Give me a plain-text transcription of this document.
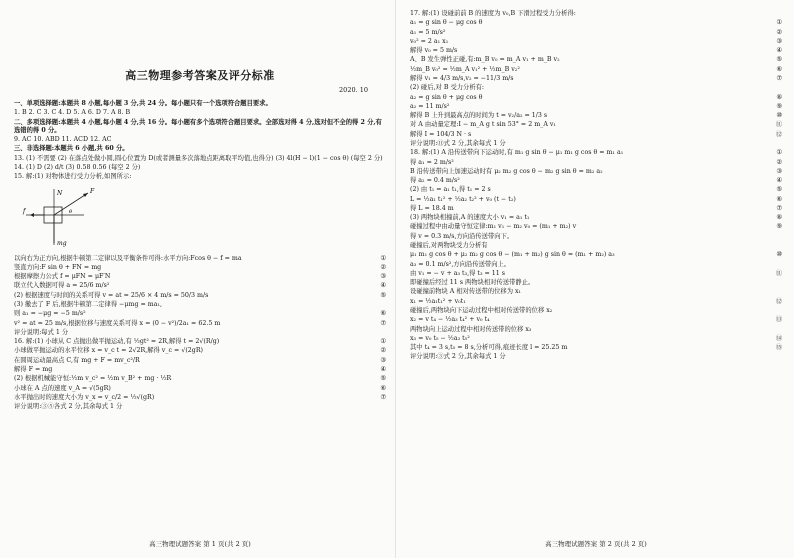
高三物理参考答案及评分标准
2020. 10
一、单项选择题:本题共 8 小题,每小题 3 分,共 24 分。每小题只有一个选项符合题目要求。
1. B 2. C 3. C 4. D 5. A 6. D 7. A 8. B
二、多项选择题:本题共 4 小题,每小题 4 分,共 16 分。每小题有多个选项符合题目要求。全部选对得 4 分,选对但不全的得 2 分,有选错的得 0 分。
9. AC 10. ABD 11. ACD 12. AC
三、非选择题:本题共 6 小题,共 60 分。
13. (1) 不需要 (2) 在落点处做小圆,圆心位置为 D(或者测量多次落地点距离取平均值,也得分) (3) 4l(H − l)(1 − cos θ) (每空 2 分)
14. (1) D (2) d/t (3) 0.58 0.56 (每空 2 分)
15. 解:(1) 对物体进行受力分析,如图所示:
f
mg
N	F
θ
以向右为正方向,根据牛顿第二定律以及平衡条件可得:水平方向:Fcos θ − f = ma	①
竖直方向:F sin θ + FN = mg	②
根据摩擦力公式 f = μFN = μF′N	③
联立代入数据可得 a = 25/6 m/s²	④
(2) 根据速度与时间的关系可得 v = at = 25/6 × 4 m/s = 50/3 m/s	⑤
(3) 撤去了 F 后,根据牛顿第二定律得 −μmg = ma₁,
则 a₁ = −μg = −5 m/s²	⑥
v² = at = 25 m/s,根据位移与速度关系可得 x = (0 − v²)/2a₁ = 62.5 m	⑦
评分说明:每式 1 分
16. 解:(1) 小球从 C 点抛出做平抛运动,有 ½gt² = 2R,解得 t = 2√(R/g)	①
小球做平抛运动的水平位移 x = v_c t = 2√2R,解得 v_c = √(2gR)	②
在圆周运动最高点 C,有 mg + F = mv_c²/R	③
解得 F = mg	④
(2) 根据机械能守恒:½m v_c² = ½m v_B² + mg · ½R	⑤
小球在 A 点的速度 v_A = √(5gR)	⑥
水平抛出时的速度大小为 v_x = v_c/2 = ½√(gR)	⑦
评分说明:③⑤各式 2 分,其余每式 1 分
高三物理试题答案 第 1 页(共 2 页)
17. 解:(1) 设碰前前 B 的速度为 v₀,B 下滑过程受力分析得:
a₁ = g sin θ − μg cos θ	①
a₁ = 5 m/s²	②
v₀² = 2 a₁ x₁	③
解得 v₀ = 5 m/s	④
A、B 发生弹性正碰,有:m_B v₀ = m_A v₁ + m_B v₂	⑤
½m_B v₀² = ½m_A v₁² + ½m_B v₂²	⑥
解得 v₁ = 4/3 m/s,v₂ = −11/3 m/s	⑦
(2) 碰后,对 B 受力分析有:
a₂ = g sin θ + μg cos θ	⑧
a₂ = 11 m/s²	⑨
解得 B 上升到最高点的时间为 t = v₂/a₂ = 1/3 s	⑩
对 A 由动量定理:I − m_A g t sin 53° = 2 m_A v₁	⑪
解得 I = 104/3 N · s	⑫
评分说明:⑪式 2 分,其余每式 1 分
18. 解:(1) A 沿传送带向下运动时,有 m₁ g sin θ − μ₁ m₁ g cos θ = m₁ a₁	①
得 a₁ = 2 m/s²	②
B 沿传送带向上加速运动时有 μ₂ m₂ g cos θ − m₂ g sin θ = m₂ a₂	③
得 a₂ = 0.4 m/s²	④
(2) 由 t₁ = a₁ t₁,得 t₁ = 2 s	⑤
L = ½a₁ t₁² + ½a₂ t₂² + v₀ (t − t₂)	⑥
得 L = 18.4 m	⑦
(3) 两物块相撞前,A 的速度大小 v₁ = a₁ t₁	⑧
碰撞过程中由动量守恒定律:m₁ v₁ − m₂ v₀ = (m₁ + m₂) v	⑨
得 v = 0.3 m/s,方向沿传送带向下。
碰撞后,对两物块受力分析有
μ₁ m₁ g cos θ + μ₂ m₂ g cos θ − (m₁ + m₂) g sin θ = (m₁ + m₂) a₃	⑩
a₃ = 0.1 m/s²,方向沿传送带向上。
由 v₁ = − v + a₃ t₃,得 t₃ = 11 s	⑪
即碰撞后经过 11 s 两物块相对传送带静止。
设碰撞前物块 A 相对传送带的位移为 x₁
x₁ = ½a₁t₁² + v₀t₁	⑫
碰撞后,两物块向下运动过程中相对传送带的位移 x₂
x₂ = v t₄ − ½a₃ t₄² + v₀ t₄	⑬
两物块向上运动过程中相对传送带的位移 x₃
x₃ = v₀ t₅ − ½a₃ t₅²	⑭
其中 t₄ = 3 s,t₅ = 8 s,分析可得,痕迹长度 l = 25.25 m	⑮
评分说明:③式 2 分,其余每式 1 分
高三物理试题答案 第 2 页(共 2 页)
